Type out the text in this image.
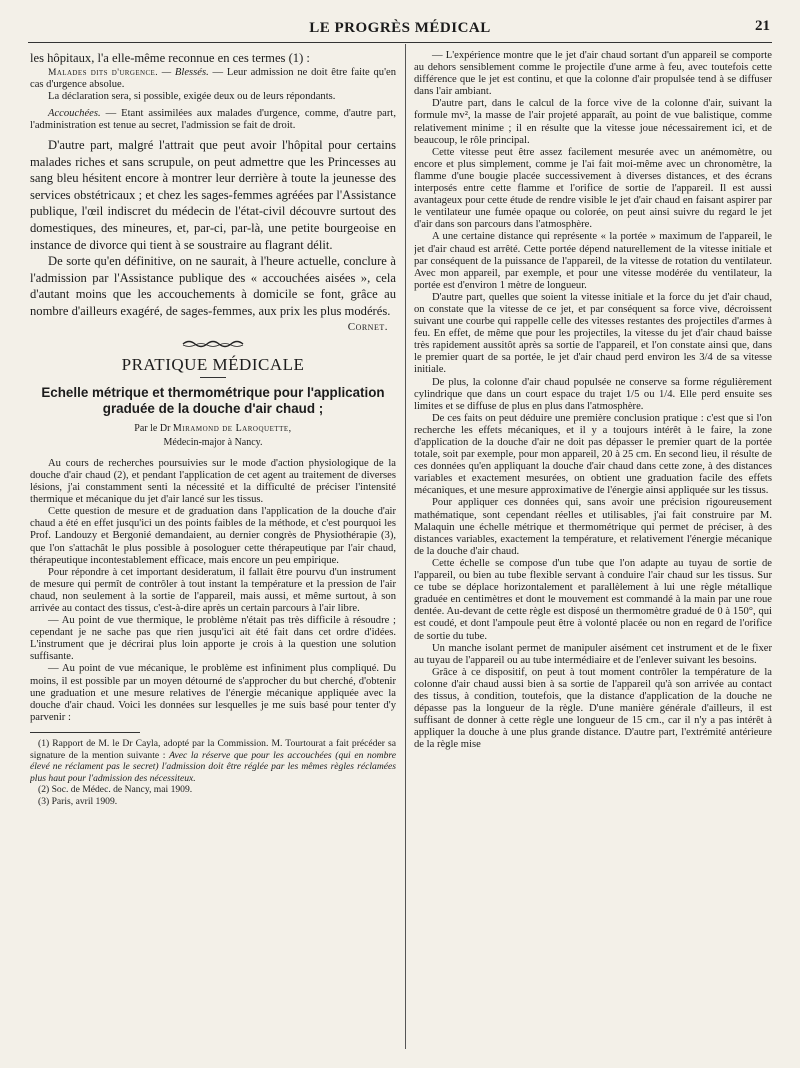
LE PROGRÈS MÉDICAL	21

les hôpitaux, l'a elle-même reconnue en ces termes (1) :

Malades dits d'urgence. — Blessés. — Leur admission ne doit être faite qu'en cas d'urgence absolue.

La déclaration sera, si possible, exigée deux ou de leurs répondants.

Accouchées. — Etant assimilées aux malades d'urgence, comme, d'autre part, l'administration est tenue au secret, l'admission se fait de droit.

D'autre part, malgré l'attrait que peut avoir l'hôpital pour certains malades riches et sans scrupule, on peut admettre que les Princesses au sang bleu hésitent encore à montrer leur derrière à toute la jeunesse des services obstétricaux ; et chez les sages-femmes agréées par l'Assistance publique, l'œil indiscret du médecin de l'état-civil découvre surtout des domestiques, des mineures, et, par-ci, par-là, une petite bourgeoise en instance de divorce qui tient à se soustraire au flagrant délit.

De sorte qu'en définitive, on ne saurait, à l'heure actuelle, conclure à l'admission par l'Assistance publique des « accouchées aisées », cela d'autant moins que les accouchements à domicile se font, grâce au nombre d'ailleurs exagéré, de sages-femmes, aux prix les plus modérés.

Cornet.
PRATIQUE MÉDICALE
Echelle métrique et thermométrique pour l'application graduée de la douche d'air chaud ;
Par le Dr Miramond de Laroquette,
Médecin-major à Nancy.

Au cours de recherches poursuivies sur le mode d'action physiologique de la douche d'air chaud (2), et pendant l'application de cet agent au traitement de diverses lésions, j'ai constamment senti la nécessité et la difficulté de préciser l'intensité thermique et mécanique du jet d'air lancé sur les tissus.

Cette question de mesure et de graduation dans l'application de la douche d'air chaud a été en effet jusqu'ici un des points faibles de la méthode, et c'est pourquoi les Prof. Landouzy et Bergonié demandaient, au dernier congrès de Physiothérapie (3), que l'on s'attachât le plus possible à posologuer cette thérapeutique par l'air chaud, thérapeutique incontestablement efficace, mais encore un peu empirique.

Pour répondre à cet important desideratum, il fallait être pourvu d'un instrument de mesure qui permît de contrôler à tout instant la température et la pression de l'air chaud, non seulement à la sortie de l'appareil, mais aussi, et même surtout, à son arrivée au contact des tissus, c'est-à-dire après un certain parcours à l'air libre.

— Au point de vue thermique, le problème n'était pas très difficile à résoudre ; cependant je ne sache pas que rien jusqu'ici ait été fait dans cet ordre d'idées. L'instrument que je décrirai plus loin apporte je crois à la question une solution suffisante.

— Au point de vue mécanique, le problème est infiniment plus compliqué. Du moins, il est possible par un moyen détourné de s'approcher du but cherché, d'obtenir une graduation et une mesure relatives de l'énergie mécanique appliquée avec la douche d'air chaud. Voici les données sur lesquelles je me suis basé pour tenter d'y parvenir :

(1) Rapport de M. le Dr Cayla, adopté par la Commission. M. Tourtourat a fait précéder sa signature de la mention suivante : Avec la réserve que pour les accouchées (qui en nombre élevé ne réclament pas le secret) l'admission doit être réglée par les mêmes règles réclamées plus haut pour l'admission des nécessiteux.

(2) Soc. de Médec. de Nancy, mai 1909.

(3) Paris, avril 1909.

— L'expérience montre que le jet d'air chaud sortant d'un appareil se comporte au dehors sensiblement comme le projectile d'une arme à feu, avec toutefois cette différence que le jet est continu, et que la colonne d'air propulsée tend à se diffuser dans l'air ambiant.

D'autre part, dans le calcul de la force vive de la colonne d'air, suivant la formule mv², la masse de l'air projeté apparaît, au point de vue balistique, comme relativement minime ; il en résulte que la vitesse joue nécessairement ici, et de beaucoup, le rôle principal.

Cette vitesse peut être assez facilement mesurée avec un anémomètre, ou encore et plus simplement, comme je l'ai fait moi-même avec un chronomètre, la flamme d'une bougie placée successivement à diverses distances, et des écrans interposés entre cette flamme et l'orifice de sortie de l'appareil. Il est aussi avantageux pour cette étude de rendre visible le jet d'air chaud en faisant aspirer par le ventilateur une fumée opaque ou colorée, on peut ainsi suivre du regard le jet d'air dans son parcours dans l'atmosphère.

A une certaine distance qui représente « la portée » maximum de l'appareil, le jet d'air chaud est arrêté. Cette portée dépend naturellement de la vitesse initiale et par conséquent de la puissance de l'appareil, de la vitesse de rotation du ventilateur. Avec mon appareil, par exemple, et pour une vitesse modérée du ventilateur, la portée est d'environ 1 mètre de longueur.

D'autre part, quelles que soient la vitesse initiale et la force du jet d'air chaud, on constate que la vitesse de ce jet, et par conséquent sa force vive, décroissent suivant une courbe qui rappelle celle des vitesses restantes des projectiles d'armes à feu. En effet, de même que pour les projectiles, la vitesse du jet d'air chaud baisse très rapidement aussitôt après sa sortie de l'appareil, et l'on constate ainsi que, dans le premier quart de sa portée, le jet d'air chaud perd environ les 3/4 de sa vitesse initiale.

De plus, la colonne d'air chaud populsée ne conserve sa forme régulièrement cylindrique que dans un court espace du trajet 1/5 ou 1/4. Elle perd ensuite ses limites et se diffuse de plus en plus dans l'atmosphère.

De ces faits on peut déduire une première conclusion pratique : c'est que si l'on recherche les effets mécaniques, et il y a toujours intérêt à le faire, la zone d'application de la douche d'air ne doit pas dépasser le premier quart de la portée totale, soit par exemple, pour mon appareil, 20 à 25 cm. En second lieu, il résulte de ces données qu'en appliquant la douche d'air chaud dans cette zone, à des distances variables et exactement mesurées, on obtient une graduation facile des effets mécaniques, et une mesure approximative de l'énergie ainsi appliquée sur les tissus.

Pour appliquer ces données qui, sans avoir une précision rigoureusement mathématique, sont cependant réelles et utilisables, j'ai fait construire par M. Malaquin une échelle métrique et thermométrique qui permet de préciser, à des distances variables, exactement la température, et relativement l'énergie mécanique de la douche d'air chaud.

Cette échelle se compose d'un tube que l'on adapte au tuyau de sortie de l'appareil, ou bien au tube flexible servant à conduire l'air chaud sur les tissus. Sur ce tube se déplace horizontalement et parallèlement à lui une règle métallique graduée en centimètres et dont le mouvement est commandé à la main par une roue dentée. Au-devant de cette règle est disposé un thermomètre gradué de 0 à 150°, qui est coudé, et dont l'ampoule peut être à volonté placée ou non en regard de l'orifice de sortie du tube.

Un manche isolant permet de manipuler aisément cet instrument et de le fixer au tuyau de l'appareil ou au tube intermédiaire et de l'enlever suivant les besoins.

Grâce à ce dispositif, on peut à tout moment contrôler la température de la colonne d'air chaud aussi bien à sa sortie de l'appareil qu'à son arrivée au contact des tissus, à condition, toutefois, que la distance d'application de la douche ne dépasse pas la longueur de la règle. D'une manière générale d'ailleurs, il est suffisant de donner à cette règle une longueur de 15 cm., car il n'y a pas intérêt à appliquer la douche à une plus grande distance. D'autre part, l'extrémité antérieure de la règle mise
